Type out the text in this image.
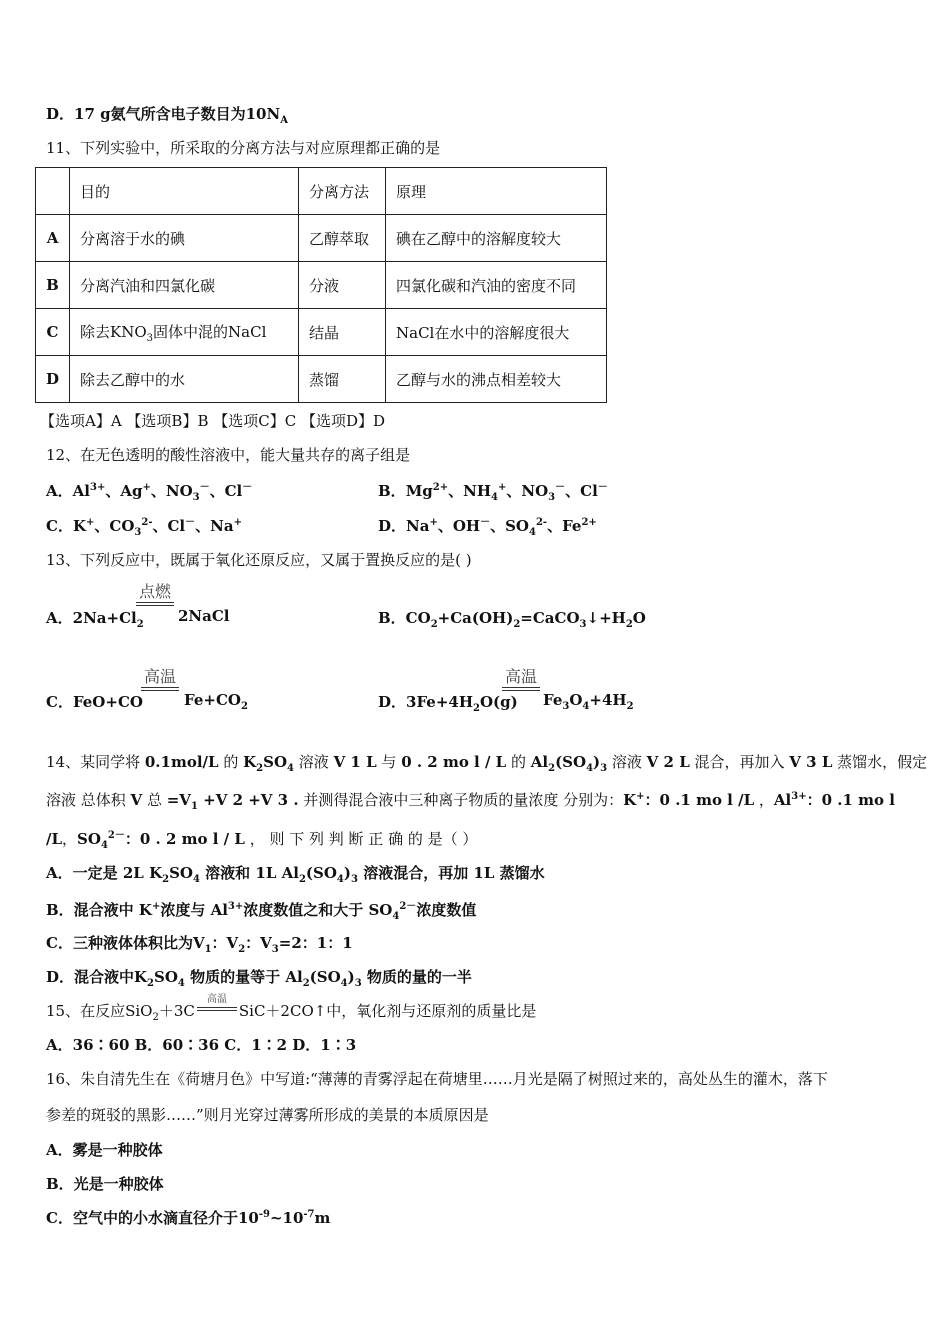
D．17 g氨气所含电子数目为$10N_A$
11、下列实验中，所采取的分离方法与对应原理都正确的是
	目的	分离方法	原理
A	分离溶于水的碘	乙醇萃取	碘在乙醇中的溶解度较大
B	分离汽油和四氯化碳	分液	四氯化碳和汽油的密度不同
C	除去$KNO_3$固体中混的NaCl	结晶	NaCl在水中的溶解度很大
D	除去乙醇中的水	蒸馏	乙醇与水的沸点相差较大
【选项A】A 【选项B】B 【选项C】C 【选项D】D
12、在无色透明的酸性溶液中，能大量共存的离子组是
A．$Al^{3+}$、Ag+、$NO_3^-$、Cl－	B．$Mg^{2+}$、$NH_4^+$、$NO_3^-$、Cl－
C．K+、$CO_3^{2-}$、Cl－、Na+	D．Na+、OH－、$SO_4^{2-}$、$Fe^{2+}$
13、下列反应中，既属于氧化还原反应，又属于置换反应的是( )
A．$2Na+Cl_2$
点燃
2NaCl	B．$CO_2+Ca(OH)_2=CaCO_3↓+H_2O$
C．FeO+CO
高温
$Fe+CO_2$	D．$3Fe+4H_2O(g)$
高温
$Fe_3O_4+4H_2$
14、某同学将 0.1mol/L 的 $K_2SO_4$ 溶液 V 1 L 与 0 . 2 mo l / L 的 $Al_2(SO_4)_3$ 溶液 V 2 L 混合，再加入 V 3 L 蒸馏水，假定
溶液 总体积 V 总 $=V_1 +V$ 2 +V 3 . 并测得混合液中三种离子物质的量浓度 分别为：K+：0 .1 mo l /L ，$Al^{3+}$：0 .1 mo l
/L，$SO_4^{2-}$：0 . 2 mo l / L ， 则 下 列 判 断 正 确 的 是（ ）
A．一定是 2L $K_2SO_4$ 溶液和 1L $Al_2(SO_4)_3$ 溶液混合，再加 1L 蒸馏水
B．混合液中 K+浓度与 $Al^{3+}$浓度数值之和大于 $SO_4^{2-}$浓度数值
C．三种液体体积比为$V_1$：$V_2$：$V_3=2$：1：1
D．混合液中$K_2SO_4$ 物质的量等于 $Al_2(SO_4)_3$ 物质的量的一半
15、在反应SiO$_2$＋3C	SiC＋2CO↑中，氧化剂与还原剂的质量比是
高温
A．36∶60 B．60∶36 C．1∶2 D．1∶3
16、朱自清先生在《荷塘月色》中写道:“薄薄的青雾浮起在荷塘里……月光是隔了树照过来的，高处丛生的灌木，落下
参差的斑驳的黑影……”则月光穿过薄雾所形成的美景的本质原因是
A．雾是一种胶体
B．光是一种胶体
C．空气中的小水滴直径介于$10^{-9}\sim 10^{-7}m$
